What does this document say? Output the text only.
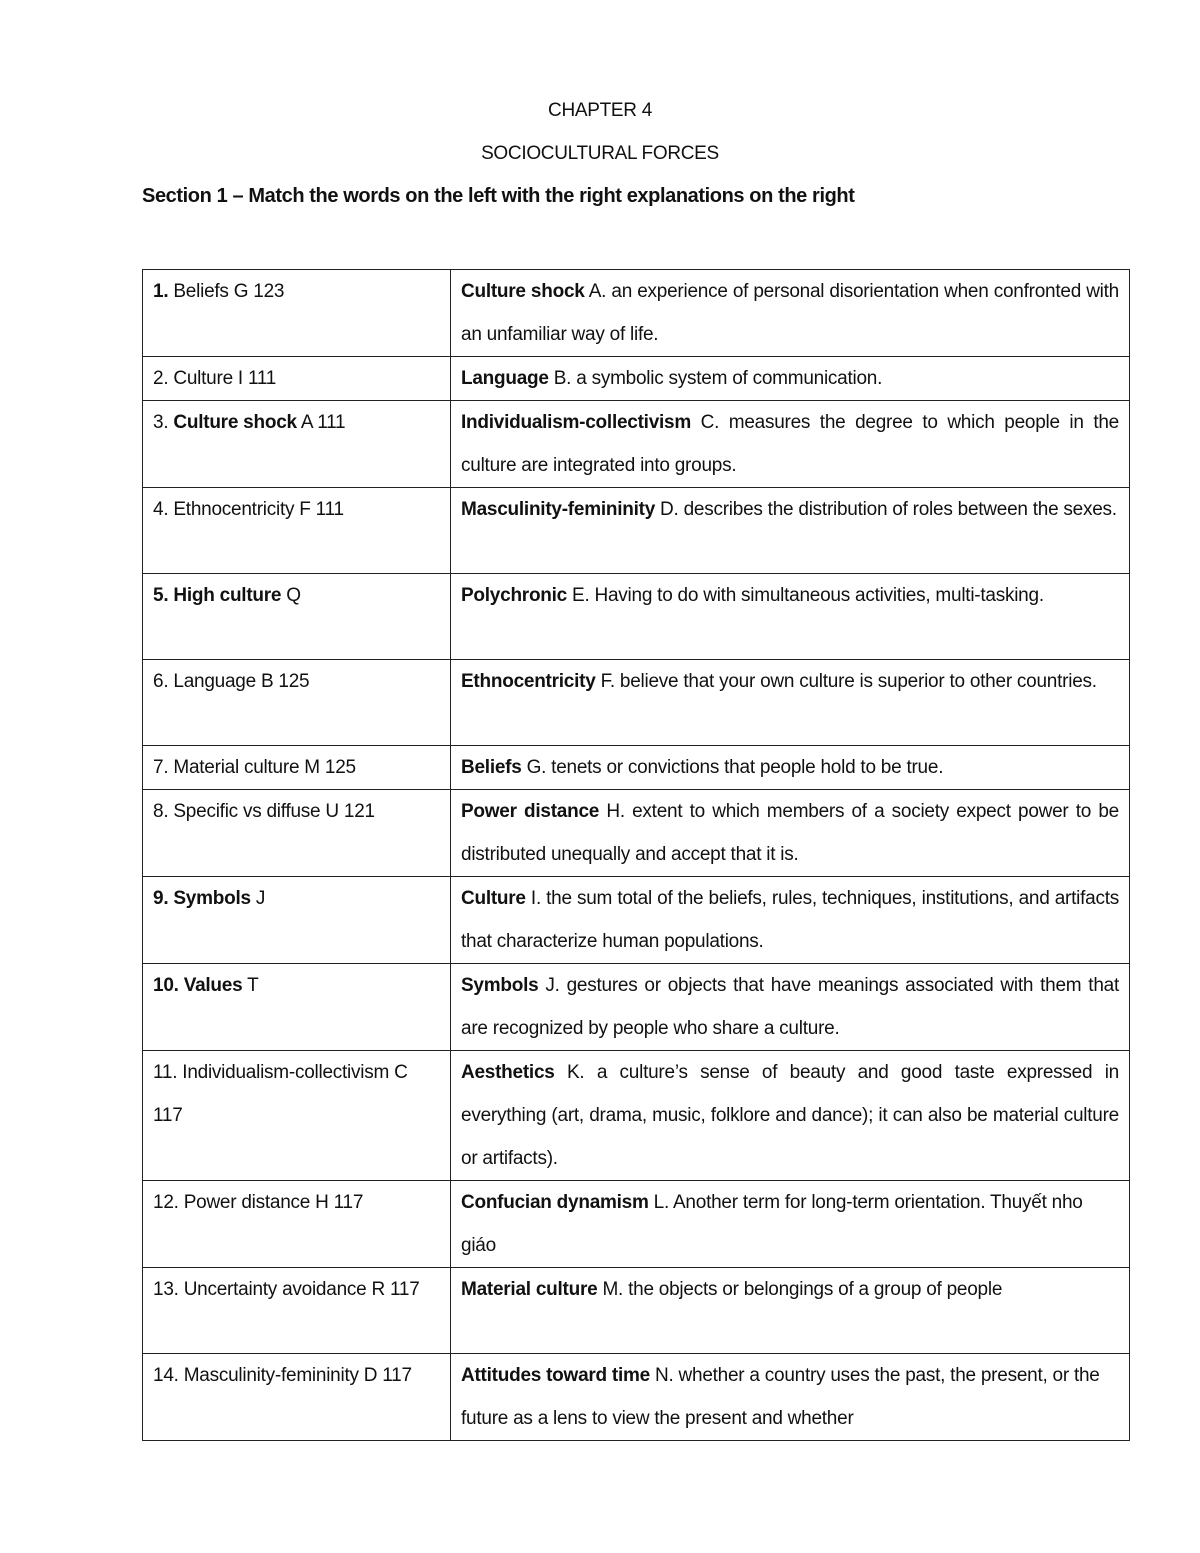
CHAPTER 4
SOCIOCULTURAL FORCES
Section 1 – Match the words on the left with the right explanations on the right
1. Beliefs G 123	Culture shock A. an experience of personal disorientation when confronted with an unfamiliar way of life.
2. Culture I 111	Language B. a symbolic system of communication.
3. Culture shock A 111	Individualism-collectivism C. measures the degree to which people in the culture are integrated into groups.
4. Ethnocentricity F 111	Masculinity-femininity D. describes the distribution of roles between the sexes.
5. High culture Q	Polychronic E. Having to do with simultaneous activities, multi-tasking.
6. Language B 125	Ethnocentricity F. believe that your own culture is superior to other countries.
7. Material culture M 125	Beliefs G. tenets or convictions that people hold to be true.
8. Specific vs diffuse U 121	Power distance H. extent to which members of a society expect power to be distributed unequally and accept that it is.
9. Symbols J	Culture I. the sum total of the beliefs, rules, techniques, institutions, and artifacts that characterize human populations.
10. Values T	Symbols J. gestures or objects that have meanings associated with them that are recognized by people who share a culture.
11. Individualism-collectivism C 117	Aesthetics K. a culture’s sense of beauty and good taste expressed in everything (art, drama, music, folklore and dance); it can also be material culture or artifacts).
12. Power distance H 117	Confucian dynamism L. Another term for long-term orientation. Thuyết nho giáo
13. Uncertainty avoidance R 117	Material culture M. the objects or belongings of a group of people
14. Masculinity-femininity D 117	Attitudes toward time N. whether a country uses the past, the present, or the future as a lens to view the present and whether
